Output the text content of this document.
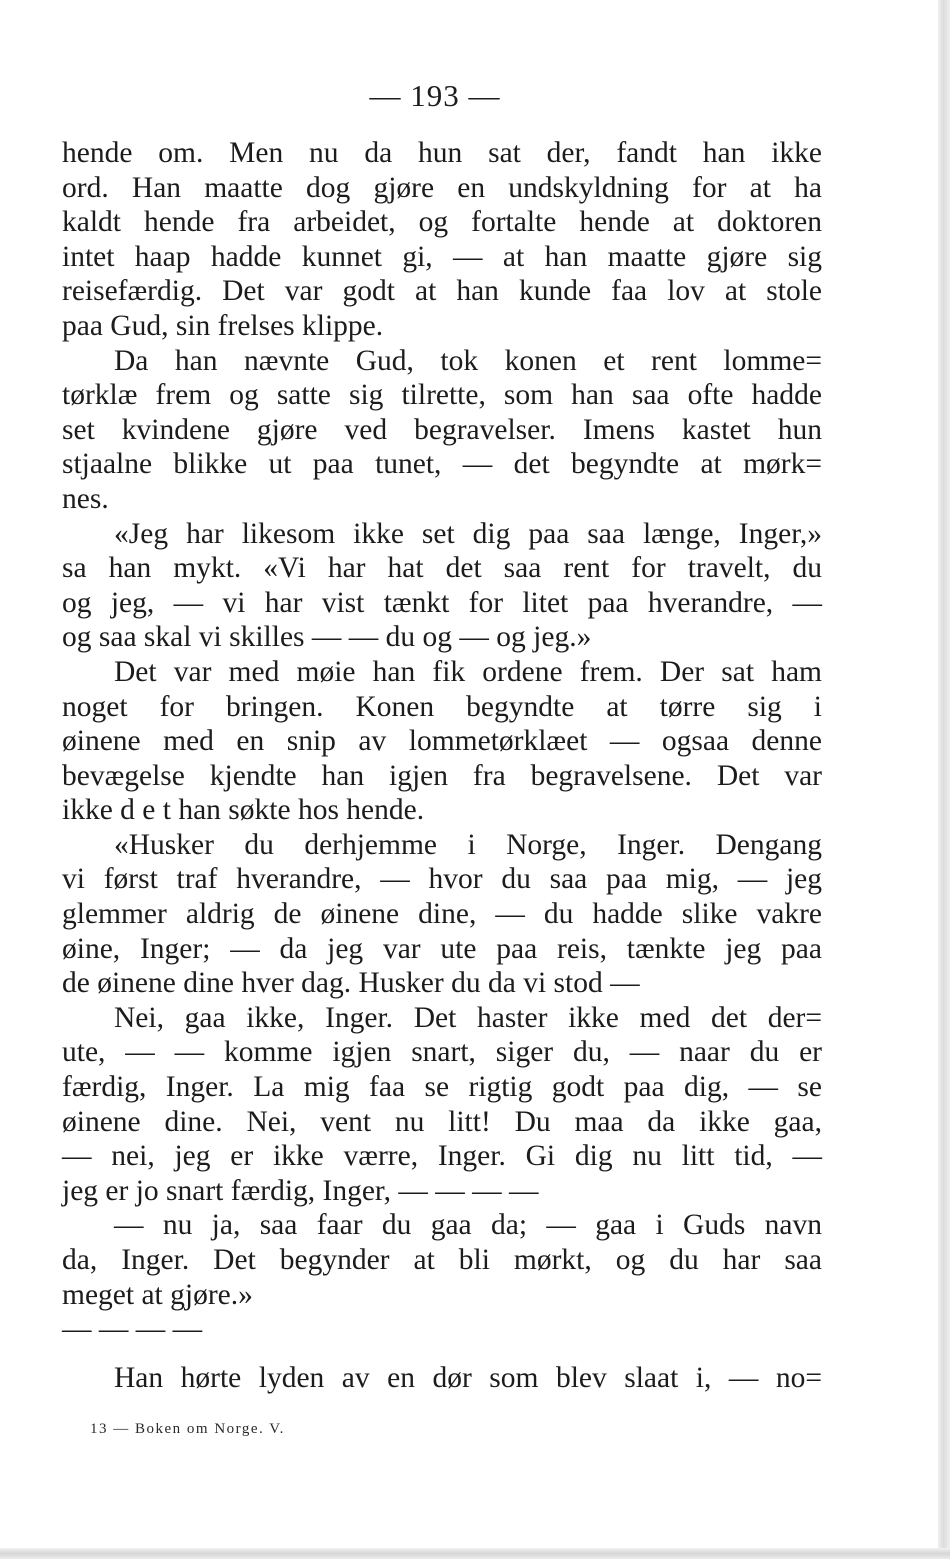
— 193 —
hende om. Men nu da hun sat der, fandt han ikke
ord. Han maatte dog gjøre en undskyldning for at ha
kaldt hende fra arbeidet, og fortalte hende at doktoren
intet haap hadde kunnet gi, — at han maatte gjøre sig
reisefærdig. Det var godt at han kunde faa lov at stole
paa Gud, sin frelses klippe.
Da han nævnte Gud, tok konen et rent lomme=
tørklæ frem og satte sig tilrette, som han saa ofte hadde
set kvindene gjøre ved begravelser. Imens kastet hun
stjaalne blikke ut paa tunet, — det begyndte at mørk=
nes.
«Jeg har likesom ikke set dig paa saa længe, Inger,»
sa han mykt. «Vi har hat det saa rent for travelt, du
og jeg, — vi har vist tænkt for litet paa hverandre, —
og saa skal vi skilles — — du og — og jeg.»
Det var med møie han fik ordene frem. Der sat ham
noget for bringen. Konen begyndte at tørre sig i
øinene med en snip av lommetørklæet — ogsaa denne
bevægelse kjendte han igjen fra begravelsene. Det var
ikke d e t han søkte hos hende.
«Husker du derhjemme i Norge, Inger. Dengang
vi først traf hverandre, — hvor du saa paa mig, — jeg
glemmer aldrig de øinene dine, — du hadde slike vakre
øine, Inger; — da jeg var ute paa reis, tænkte jeg paa
de øinene dine hver dag. Husker du da vi stod —
Nei, gaa ikke, Inger. Det haster ikke med det der=
ute, — — komme igjen snart, siger du, — naar du er
færdig, Inger. La mig faa se rigtig godt paa dig, — se
øinene dine. Nei, vent nu litt! Du maa da ikke gaa,
— nei, jeg er ikke værre, Inger. Gi dig nu litt tid, —
jeg er jo snart færdig, Inger, — — — —
— nu ja, saa faar du gaa da; — gaa i Guds navn
da, Inger. Det begynder at bli mørkt, og du har saa
meget at gjøre.»
— — — —
Han hørte lyden av en dør som blev slaat i, — no=
13 — Boken om Norge. V.
